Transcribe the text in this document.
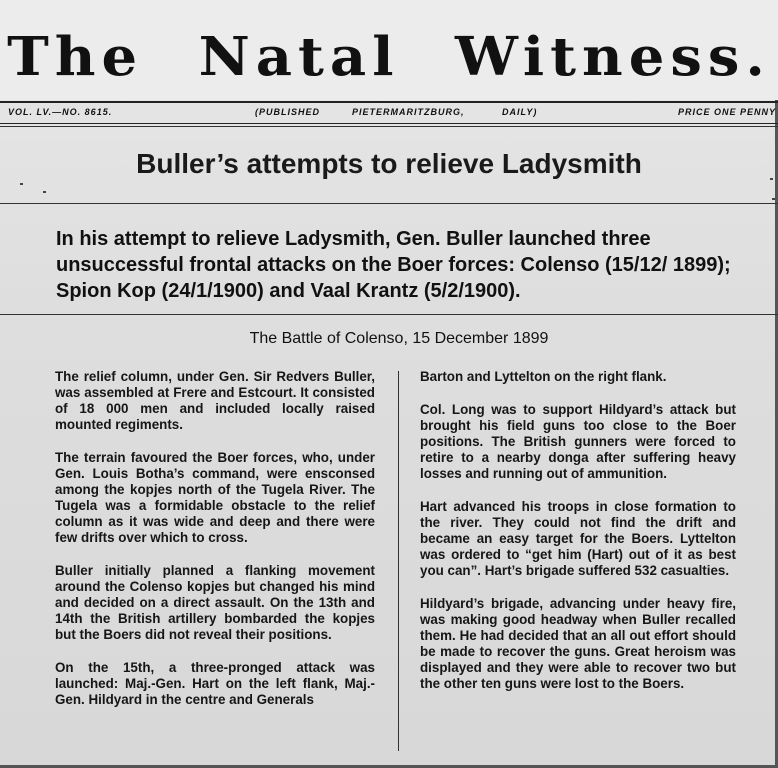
The Natal Witness.
VOL. LV.—NO. 8615.	(PUBLISHED	PIETERMARITZBURG,	DAILY)	PRICE ONE PENNY
Buller’s attempts to relieve Ladysmith
In his attempt to relieve Ladysmith, Gen. Buller launched three unsuccessful frontal attacks on the Boer forces: Colenso (15/12/ 1899); Spion Kop (24/1/1900) and Vaal Krantz (5/2/1900).
The Battle of Colenso, 15 December 1899

The relief column, under Gen. Sir Redvers Buller, was assembled at Frere and Estcourt. It consisted of 18 000 men and included locally raised mounted regiments.

The terrain favoured the Boer forces, who, under Gen. Louis Botha’s command, were ensconsed among the kopjes north of the Tugela River. The Tugela was a formidable obstacle to the relief column as it was wide and deep and there were few drifts over which to cross.

Buller initially planned a flanking movement around the Colenso kopjes but changed his mind and decided on a direct assault. On the 13th and 14th the British artillery bombarded the kopjes but the Boers did not reveal their positions.

On the 15th, a three-pronged attack was launched: Maj.-Gen. Hart on the left flank, Maj.-Gen. Hildyard in the centre and Generals

Barton and Lyttelton on the right flank.

Col. Long was to support Hildyard’s attack but brought his field guns too close to the Boer positions. The British gunners were forced to retire to a nearby donga after suffering heavy losses and running out of ammunition.

Hart advanced his troops in close formation to the river. They could not find the drift and became an easy target for the Boers. Lyttelton was ordered to “get him (Hart) out of it as best you can”. Hart’s brigade suffered 532 casualties.

Hildyard’s brigade, advancing under heavy fire, was making good headway when Buller recalled them. He had decided that an all out effort should be made to recover the guns. Great heroism was displayed and they were able to recover two but the other ten guns were lost to the Boers.
